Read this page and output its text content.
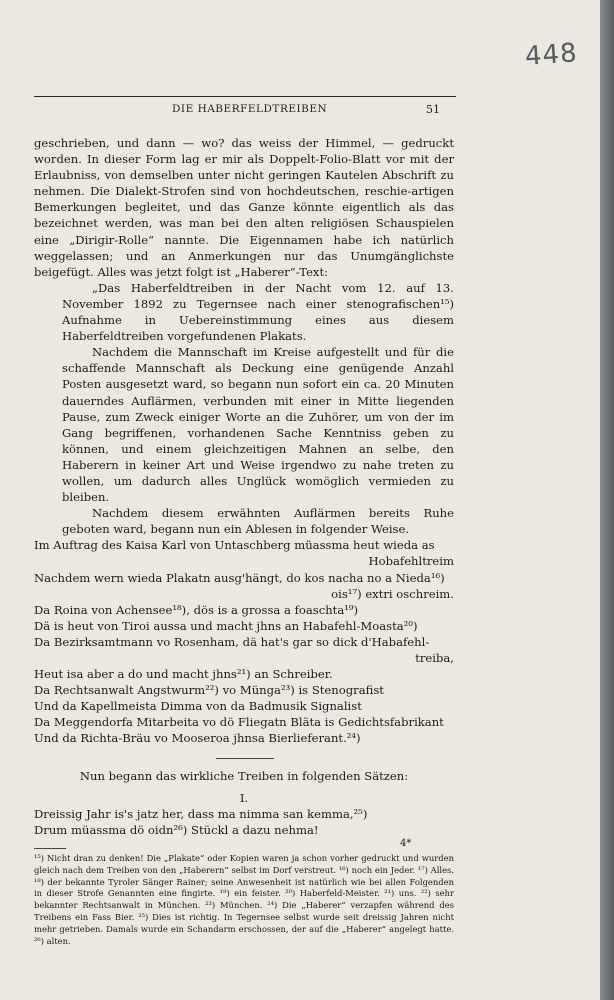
448
DIE HABERFELDTREIBEN	51

geschrieben, und dann — wo? das weiss der Himmel, — gedruckt worden. In dieser Form lag er mir als Doppelt-Folio-Blatt vor mit der Erlaubniss, von demselben unter nicht geringen Kautelen Abschrift zu nehmen. Die Dialekt-Strofen sind von hochdeutschen, reschie-artigen Bemerkungen begleitet, und das Ganze könnte eigentlich als das bezeichnet werden, was man bei den alten religiösen Schauspielen eine „Dirigir-Rolle“ nannte. Die Eigennamen habe ich natürlich weggelassen; und an Anmerkungen nur das Unumgänglichste beigefügt. Alles was jetzt folgt ist „Haberer“-Text:

„Das Haberfeldtreiben in der Nacht vom 12. auf 13. November 1892 zu Tegernsee nach einer stenografischen¹⁵) Aufnahme in Uebereinstimmung eines aus diesem Haberfeldtreiben vorgefundenen Plakats.

Nachdem die Mannschaft im Kreise aufgestellt und für die schaffende Mannschaft als Deckung eine genügende Anzahl Posten ausgesetzt ward, so begann nun sofort ein ca. 20 Minuten dauerndes Auflärmen, verbunden mit einer in Mitte liegenden Pause, zum Zweck einiger Worte an die Zuhörer, um von der im Gang begriffenen, vorhandenen Sache Kenntniss geben zu können, und einem gleichzeitigen Mahnen an selbe, den Haberern in keiner Art und Weise irgendwo zu nahe treten zu wollen, um dadurch alles Unglück womöglich vermieden zu bleiben.

Nachdem diesem erwähnten Auflärmen bereits Ruhe geboten ward, begann nun ein Ablesen in folgender Weise.

Im Auftrag des Kaisa Karl von Untaschberg müassma heut wieda as

Hobafehltreim

Nachdem wern wieda Plakatn ausg'hängt, do kos nacha no a Nieda¹⁶)

ois¹⁷) extri oschreim.

Da Roina von Achensee¹⁸), dös is a grossa a foaschta¹⁹)

Dä is heut von Tiroi aussa und macht jhns an Habafehl-Moasta²⁰)

Da Bezirksamtmann vo Rosenham, dä hat's gar so dick d'Habafehl-

treiba,

Heut isa aber a do und macht jhns²¹) an Schreiber.

Da Rechtsanwalt Angstwurm²²) vo Münga²³) is Stenografist

Und da Kapellmeista Dimma von da Badmusik Signalist

Da Meggendorfa Mitarbeita vo dö Fliegatn Bläta is Gedichtsfabrikant

Und da Richta-Bräu vo Mooseroa jhnsa Bierlieferant.²⁴)

Nun begann das wirkliche Treiben in folgenden Sätzen:

I.

Dreissig Jahr is's jatz her, dass ma nimma san kemma,²⁵)

Drum müassma dö oidn²⁶) Stückl a dazu nehma!

¹⁵) Nicht dran zu denken! Die „Plakate“ oder Kopien waren ja schon vorher gedruckt und wurden gleich nach dem Treiben von den „Haberern“ selbst im Dorf verstreut. ¹⁶) noch ein Jeder. ¹⁷) Alles. ¹⁸) der bekannte Tyroler Sänger Rainer; seine Anwesenheit ist natürlich wie bei allen Folgenden in dieser Strofe Genannten eine fingirte. ¹⁹) ein feister. ²⁰) Haberfeld-Meister. ²¹) uns. ²²) sehr bekannter Rechtsanwalt in München. ²³) München. ²⁴) Die „Haberer“ verzapfen während des Treibens ein Fass Bier. ²⁵) Dies ist richtig. In Tegernsee selbst wurde seit dreissig Jahren nicht mehr getrieben. Damals wurde ein Schandarm erschossen, der auf die „Haberer“ angelegt hatte. ²⁶) alten.

4*
